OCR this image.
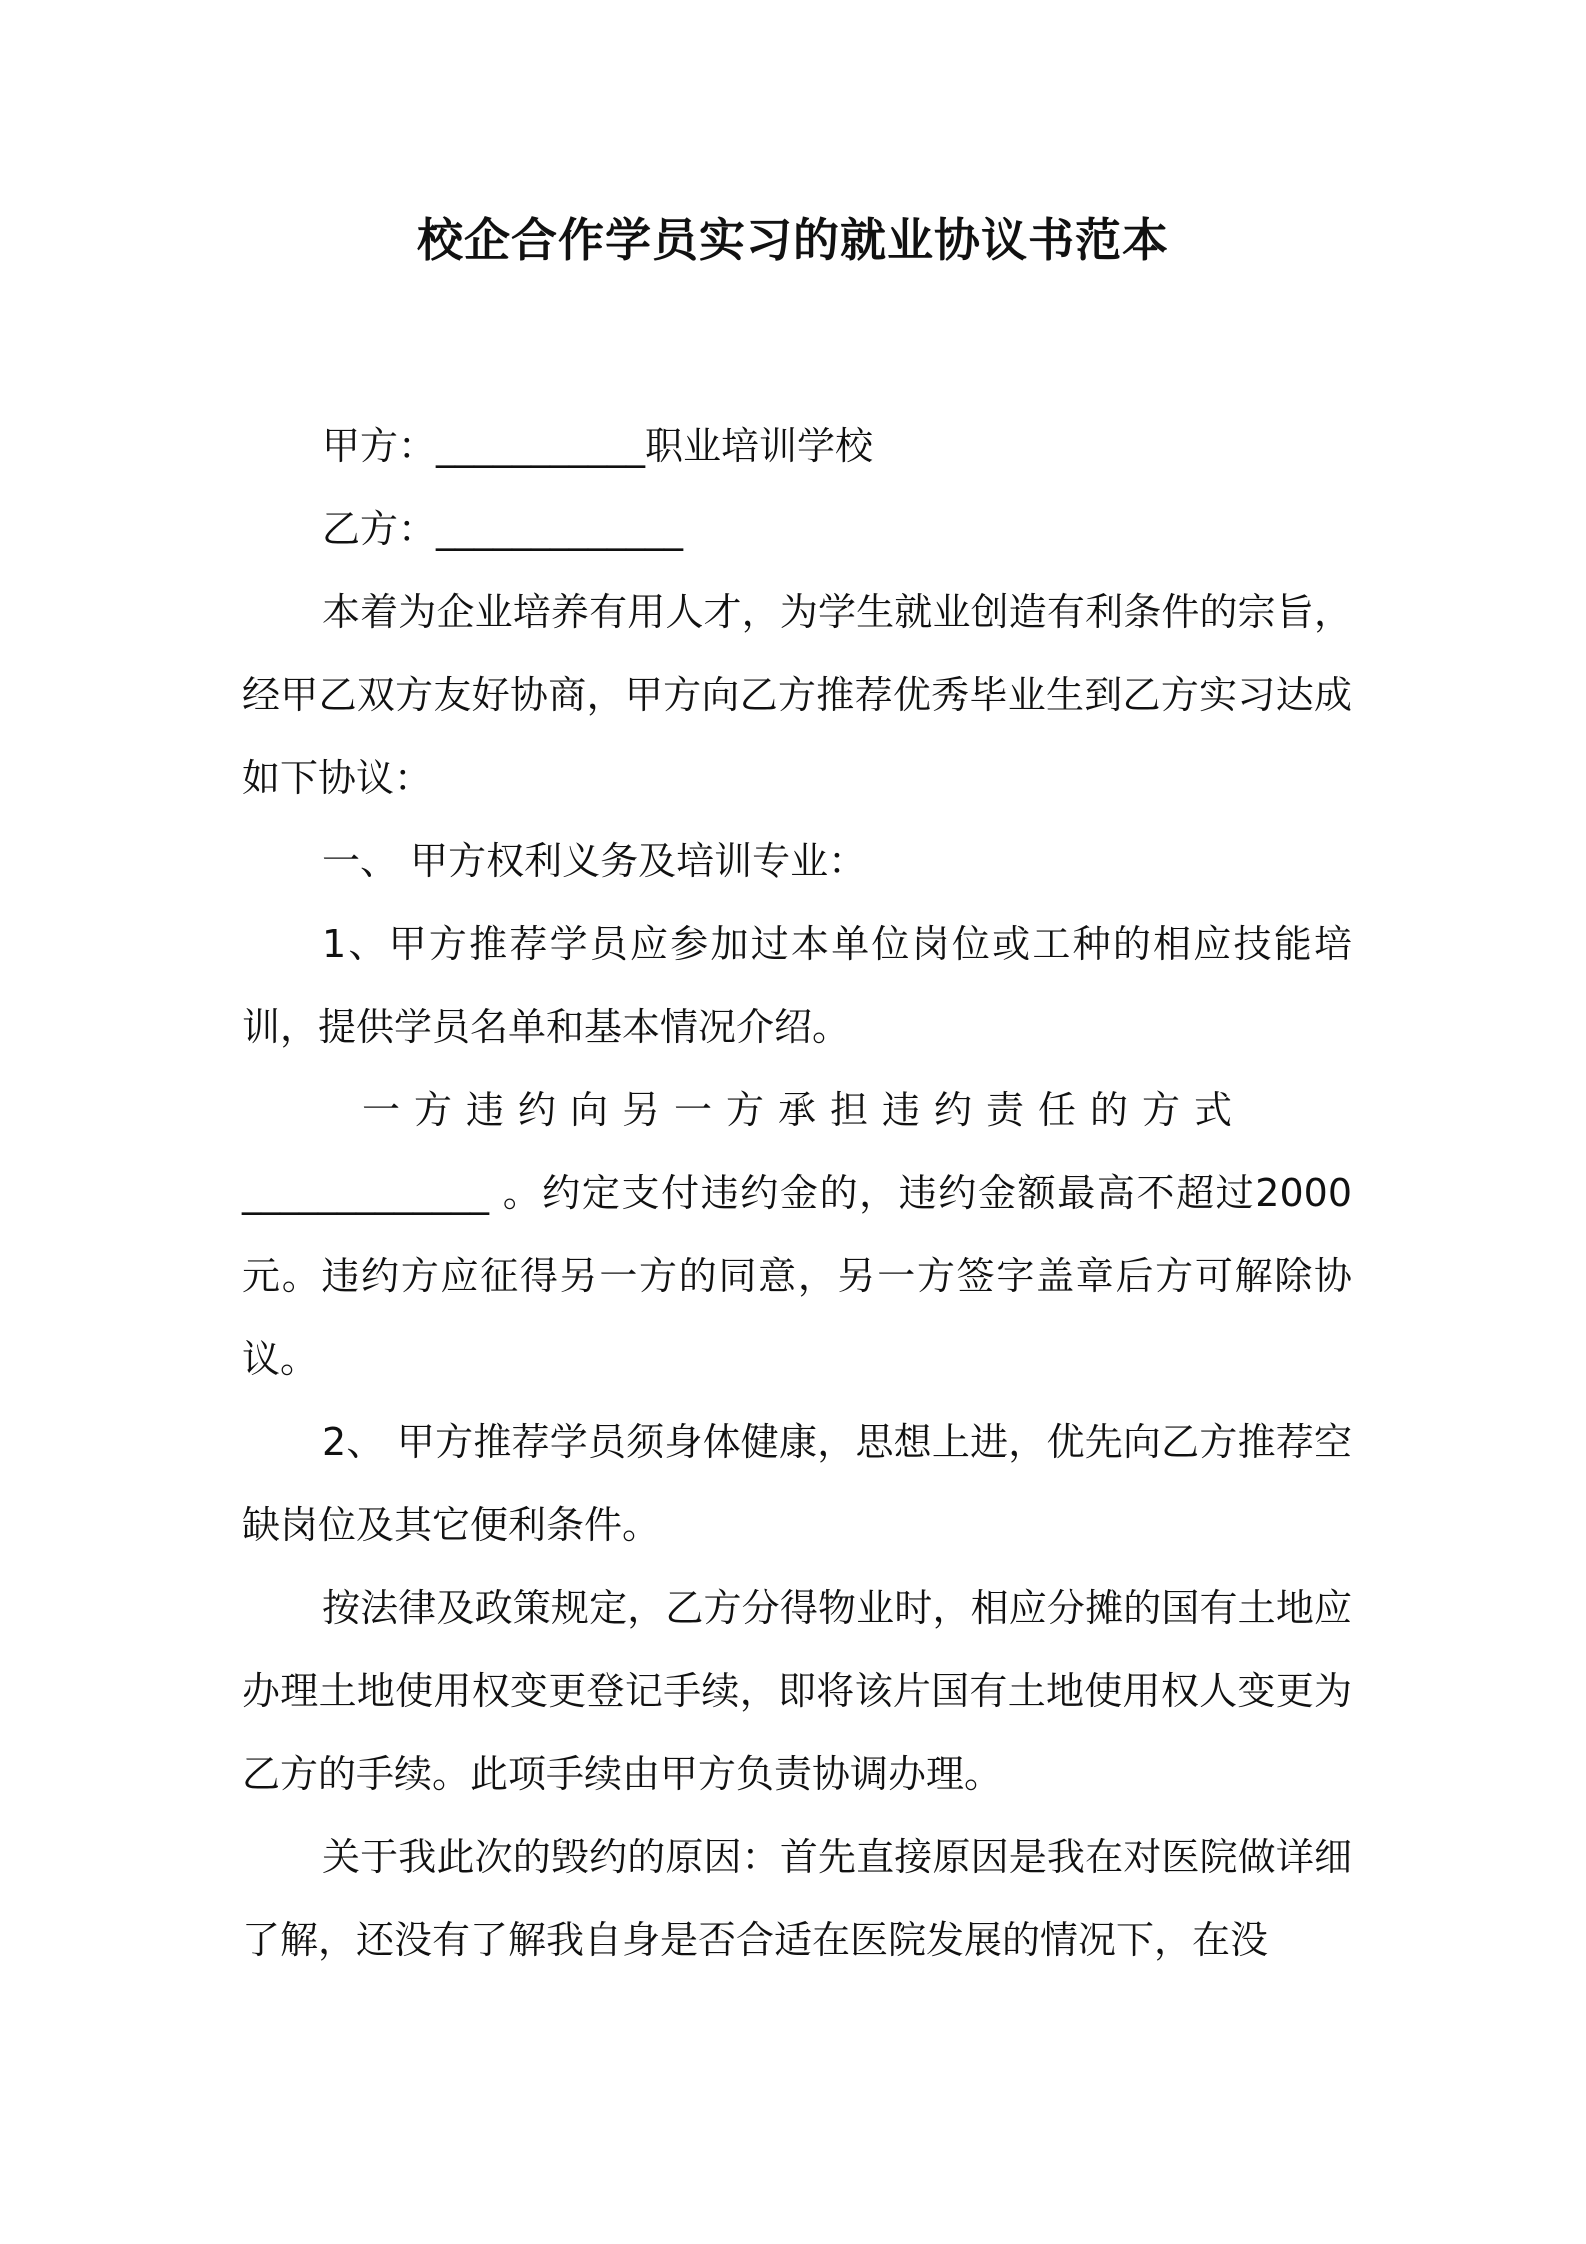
校企合作学员实习的就业协议书范本

甲方：___________职业培训学校

乙方：_____________

本着为企业培养有用人才，为学生就业创造有利条件的宗旨，经甲乙双方友好协商，甲方向乙方推荐优秀毕业生到乙方实习达成如下协议：

一、 甲方权利义务及培训专业：

1、甲方推荐学员应参加过本单位岗位或工种的相应技能培训，提供学员名单和基本情况介绍。

一方违约向另一方承担违约责任的方式

_____________ 。约定支付违约金的，违约金额最高不超过2000 元。违约方应征得另一方的同意，另一方签字盖章后方可解除协议。

2、 甲方推荐学员须身体健康，思想上进，优先向乙方推荐空缺岗位及其它便利条件。

按法律及政策规定，乙方分得物业时，相应分摊的国有土地应办理土地使用权变更登记手续，即将该片国有土地使用权人变更为乙方的手续。此项手续由甲方负责协调办理。

关于我此次的毁约的原因：首先直接原因是我在对医院做详细了解，还没有了解我自身是否合适在医院发展的情况下，在没
